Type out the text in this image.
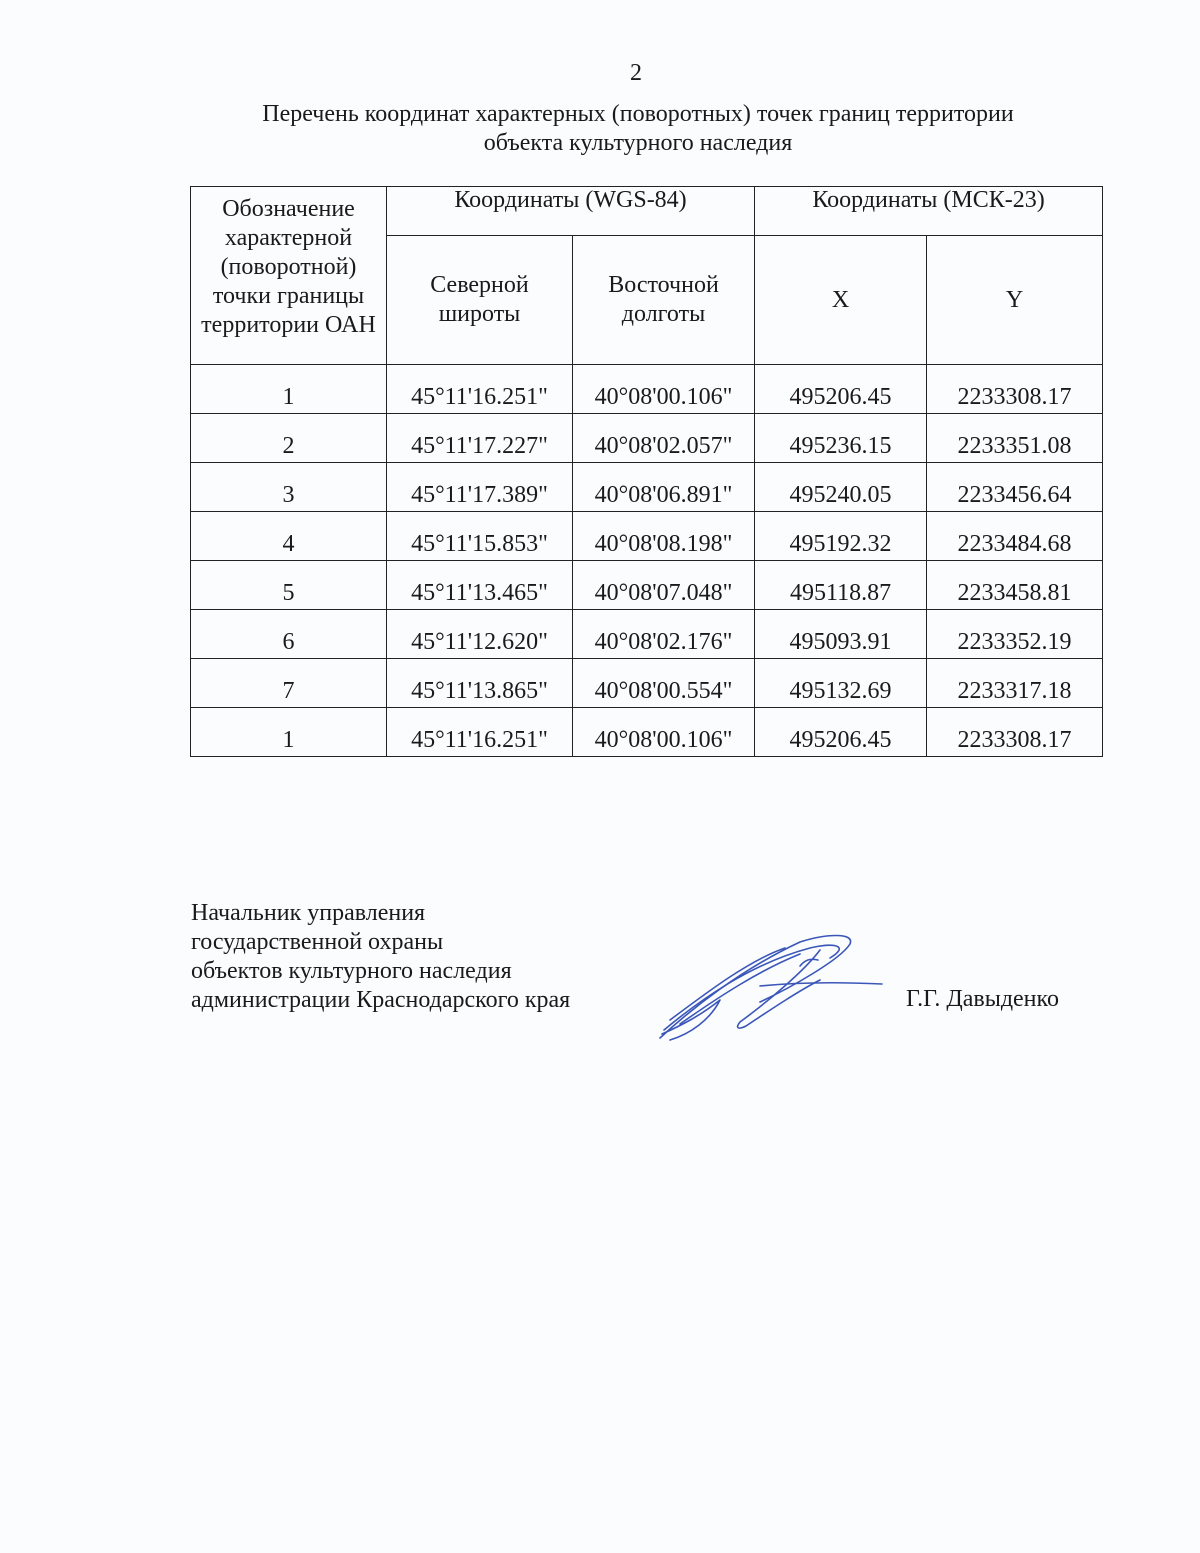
2
Перечень координат характерных (поворотных) точек границ территории
объекта культурного наследия
Обозначение характерной (поворотной) точки границы территории ОАН	Координаты (WGS-84)		Координаты (МСК-23)	
	Северной широты	Восточной долготы	X	Y
1	45°11'16.251"	40°08'00.106"	495206.45	2233308.17
2	45°11'17.227"	40°08'02.057"	495236.15	2233351.08
3	45°11'17.389"	40°08'06.891"	495240.05	2233456.64
4	45°11'15.853"	40°08'08.198"	495192.32	2233484.68
5	45°11'13.465"	40°08'07.048"	495118.87	2233458.81
6	45°11'12.620"	40°08'02.176"	495093.91	2233352.19
7	45°11'13.865"	40°08'00.554"	495132.69	2233317.18
1	45°11'16.251"	40°08'00.106"	495206.45	2233308.17
Начальник управления
государственной охраны
объектов культурного наследия
администрации Краснодарского края	Г.Г. Давыденко
